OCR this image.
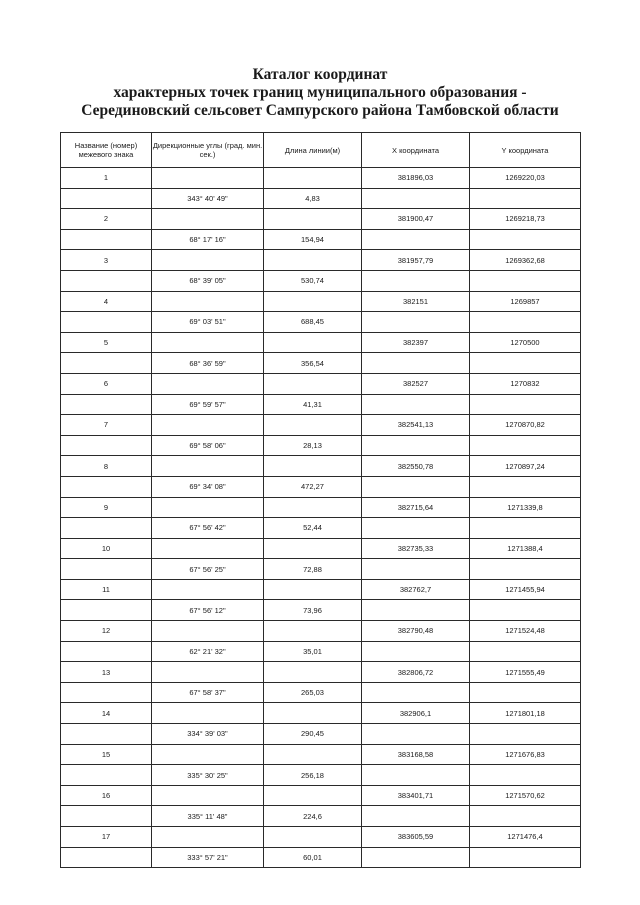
Каталог координат
характерных точек границ муниципального образования -
Серединовский сельсовет Сампурского района Тамбовской области
Название (номер) межевого знака	Дирекционные углы (град. мин. сек.)	Длина линии(м)	X координата	Y координата
1			381896,03	1269220,03
	343° 40' 49"	4,83		
2			381900,47	1269218,73
	68° 17' 16"	154,94		
3			381957,79	1269362,68
	68° 39' 05"	530,74		
4			382151	1269857
	69° 03' 51"	688,45		
5			382397	1270500
	68° 36' 59"	356,54		
6			382527	1270832
	69° 59' 57"	41,31		
7			382541,13	1270870,82
	69° 58' 06"	28,13		
8			382550,78	1270897,24
	69° 34' 08"	472,27		
9			382715,64	1271339,8
	67° 56' 42"	52,44		
10			382735,33	1271388,4
	67° 56' 25"	72,88		
11			382762,7	1271455,94
	67° 56' 12"	73,96		
12			382790,48	1271524,48
	62° 21' 32"	35,01		
13			382806,72	1271555,49
	67° 58' 37"	265,03		
14			382906,1	1271801,18
	334° 39' 03"	290,45		
15			383168,58	1271676,83
	335° 30' 25"	256,18		
16			383401,71	1271570,62
	335° 11' 48"	224,6		
17			383605,59	1271476,4
	333° 57' 21"	60,01		
